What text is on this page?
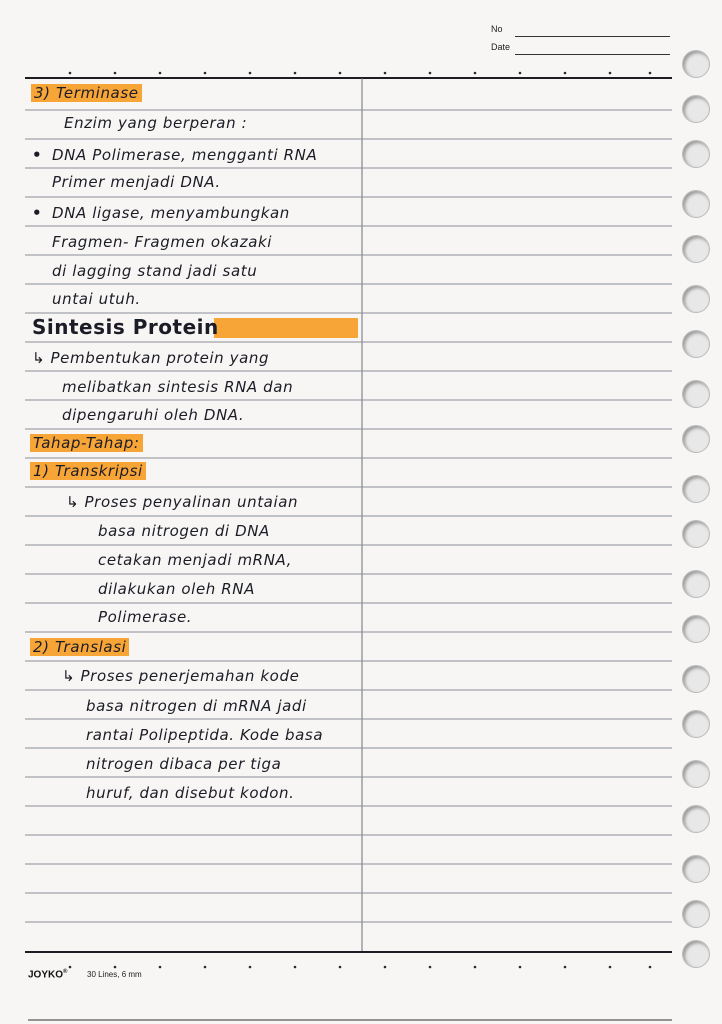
No
Date
3) Terminase
Enzim yang berperan :
• DNA Polimerase, mengganti RNA
Primer menjadi DNA.
• DNA ligase, menyambungkan
Fragmen- Fragmen okazaki
di lagging stand jadi satu
untai utuh.
Sintesis Protein
↳ Pembentukan protein yang
melibatkan sintesis RNA dan
dipengaruhi oleh DNA.
Tahap-Tahap:
1) Transkripsi
↳ Proses penyalinan untaian
basa nitrogen di DNA
cetakan menjadi mRNA,
dilakukan oleh RNA
Polimerase.
2) Translasi
↳ Proses penerjemahan kode
basa nitrogen di mRNA jadi
rantai Polipeptida. Kode basa
nitrogen dibaca per tiga
huruf, dan disebut kodon.
JOYKO® 30 Lines, 6 mm
